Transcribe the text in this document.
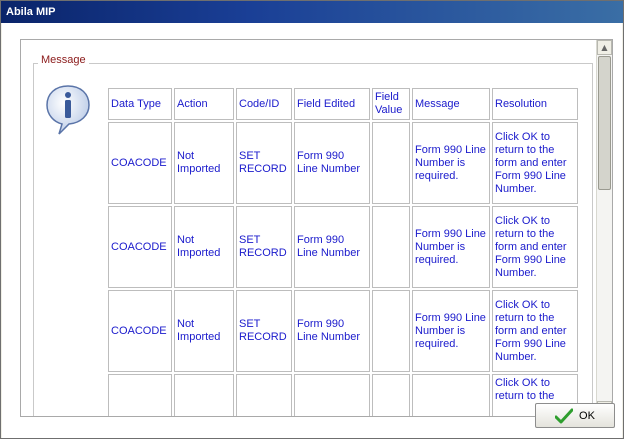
Abila MIP
Message
Data Type	Action	Code/ID	Field Edited	Field Value	Message	Resolution
COACODE	Not Imported	SET RECORD	Form 990 Line Number		Form 990 Line Number is required.	Click OK to return to the form and enter Form 990 Line Number.
COACODE	Not Imported	SET RECORD	Form 990 Line Number		Form 990 Line Number is required.	Click OK to return to the form and enter Form 990 Line Number.
COACODE	Not Imported	SET RECORD	Form 990 Line Number		Form 990 Line Number is required.	Click OK to return to the form and enter Form 990 Line Number.
						Click OK to return to the
▲
OK
